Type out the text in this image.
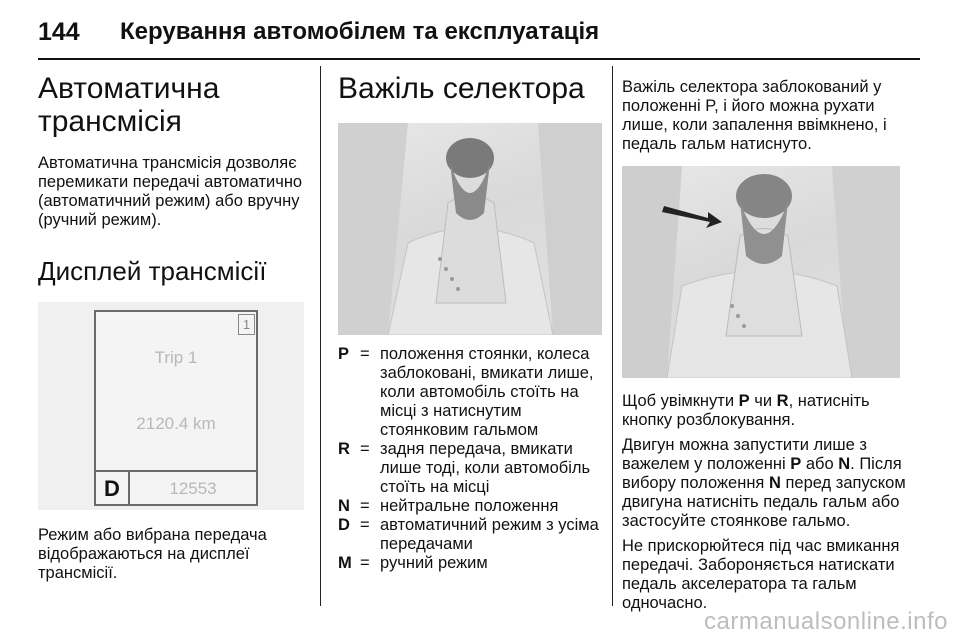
144 Керування автомобілем та експлуатація
Автоматична трансмісія

Автоматична трансмісія дозволяє перемикати передачі автоматично (автоматичний режим) або вручну (ручний режим).

Дисплей трансмісії
1
Trip 1
2120.4 km
D	12553

Режим або вибрана передача відображаються на дисплеї трансмісії.

Важіль селектора
P = положення стоянки, колеса заблоковані, вмикати лише, коли автомобіль стоїть на місці з натиснутим стоянковим гальмом
R = задня передача, вмикати лише тоді, коли автомобіль стоїть на місці
N = нейтральне положення
D = автоматичний режим з усіма передачами
M = ручний режим

Важіль селектора заблокований у положенні P, і його можна рухати лише, коли запалення ввімкнено, і педаль гальм натиснуто.

Щоб увімкнути P чи R, натисніть кнопку розблокування.

Двигун можна запустити лише з важелем у положенні P або N. Після вибору положення N перед запуском двигуна натисніть педаль гальм або застосуйте стоянкове гальмо.

Не прискорюйтеся під час вмикання передачі. Забороняється натискати педаль акселератора та гальм одночасно.

carmanualsonline.info
